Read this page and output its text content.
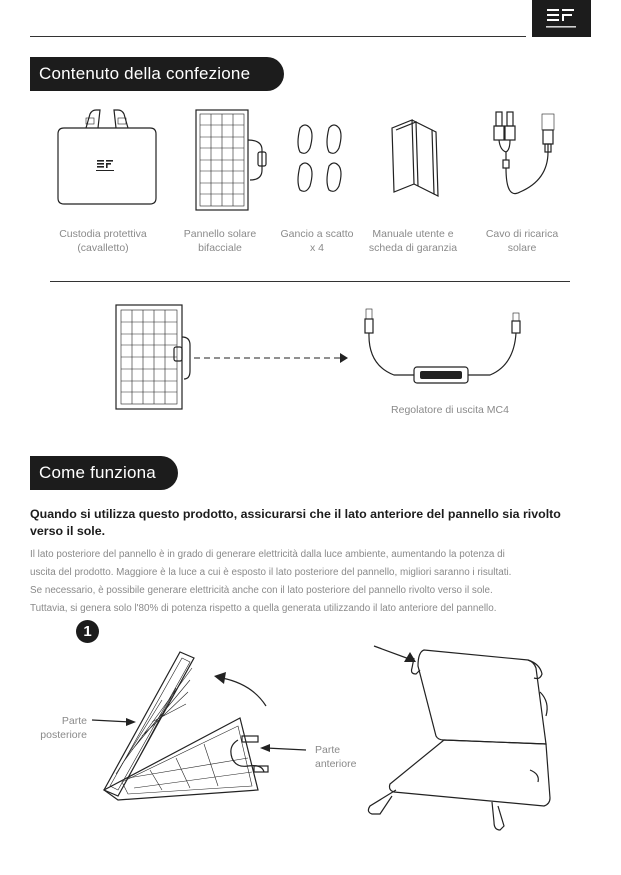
Contenuto della confezione
Custodia protettiva
(cavalletto)
Pannello solare
bifacciale
Gancio a scatto
x 4
Manuale utente e
scheda di garanzia
Cavo di ricarica
solare
Regolatore di uscita MC4
Come funziona
Quando si utilizza questo prodotto, assicurarsi che il lato anteriore del pannello sia rivolto verso il sole.
Il lato posteriore del pannello è in grado di generare elettricità dalla luce ambiente, aumentando la potenza di
uscita del prodotto. Maggiore è la luce a cui è esposto il lato posteriore del pannello, migliori saranno i risultati.
Se necessario, è possibile generare elettricità anche con il lato posteriore del pannello rivolto verso il sole.
Tuttavia, si genera solo l'80% di potenza rispetto a quella generata utilizzando il lato anteriore del pannello.
1
Parte
posteriore
Parte
anteriore
